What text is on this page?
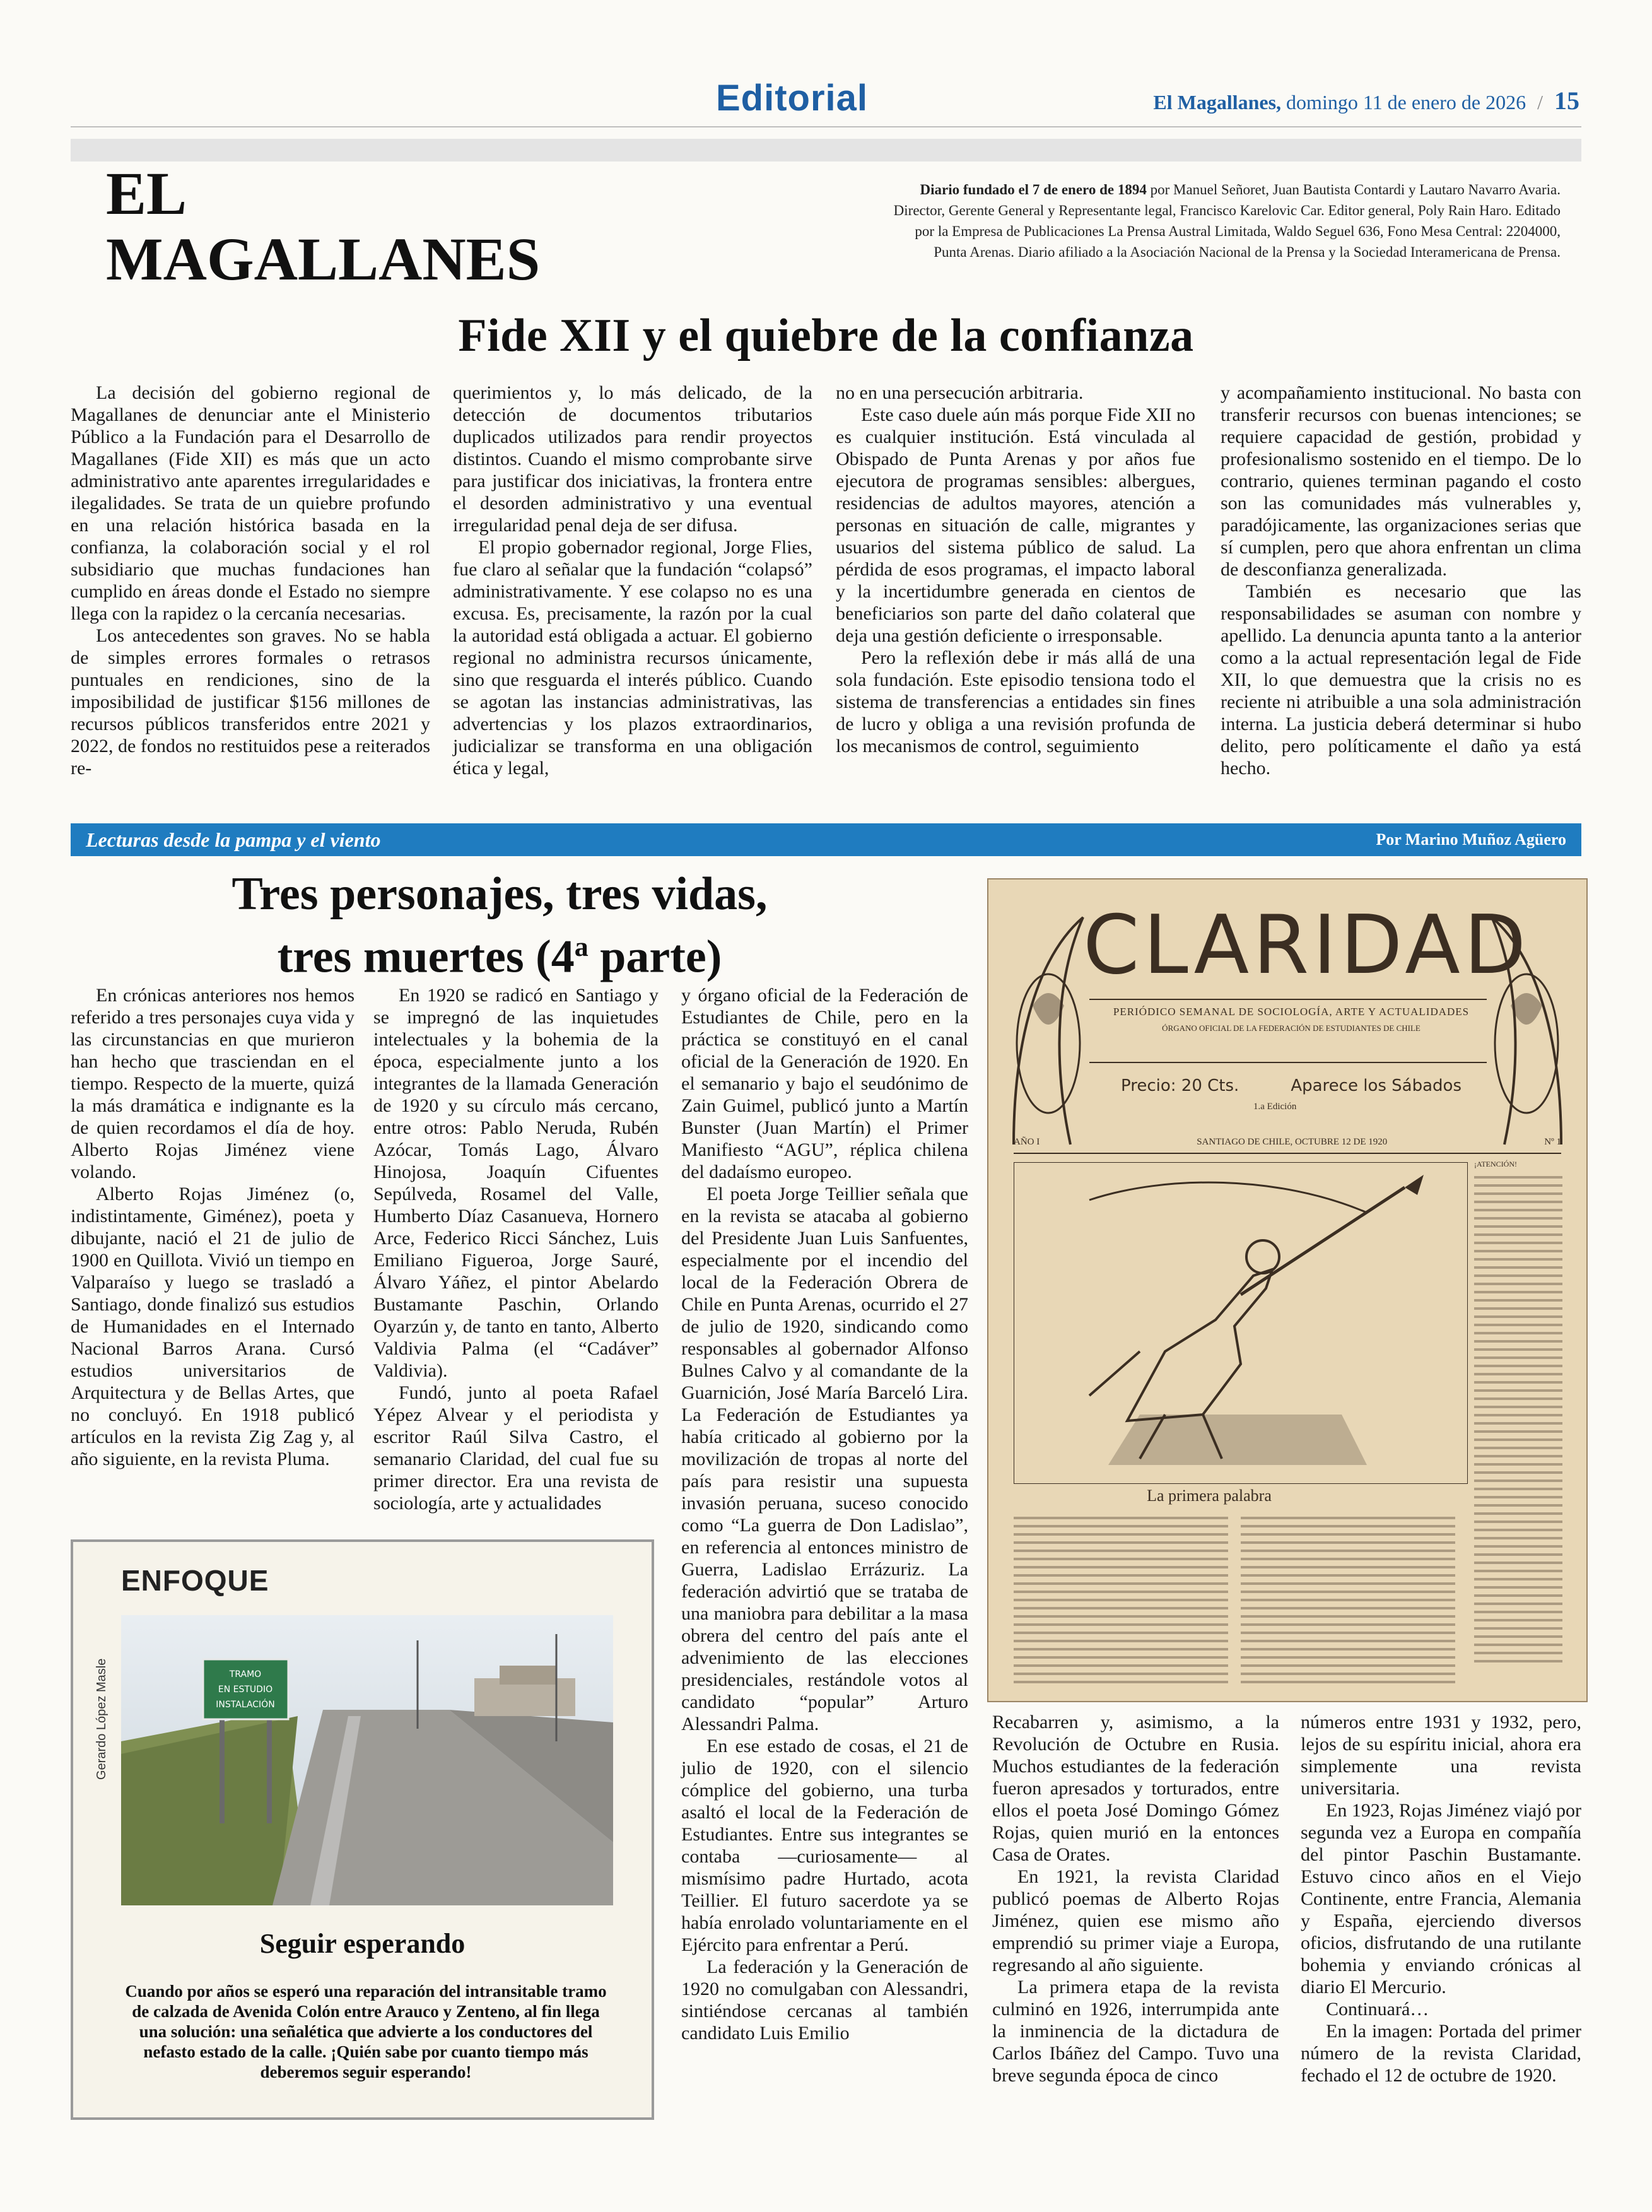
Editorial	El Magallanes, domingo 11 de enero de 2026 / 15
EL
MAGALLANES
Diario fundado el 7 de enero de 1894 por Manuel Señoret, Juan Bautista Contardi y Lautaro Navarro Avaria. Director, Gerente General y Representante legal, Francisco Karelovic Car. Editor general, Poly Rain Haro. Editado por la Empresa de Publicaciones La Prensa Austral Limitada, Waldo Seguel 636, Fono Mesa Central: 2204000, Punta Arenas. Diario afiliado a la Asociación Nacional de la Prensa y la Sociedad Interamericana de Prensa.
Fide XII y el quiebre de la confianza

La decisión del gobierno regional de Magallanes de denunciar ante el Ministerio Público a la Fundación para el Desarrollo de Magallanes (Fide XII) es más que un acto administrativo ante aparentes irregularidades e ilegalidades. Se trata de un quiebre profundo en una relación histórica basada en la confianza, la colaboración social y el rol subsidiario que muchas fundaciones han cumplido en áreas donde el Estado no siempre llega con la rapidez o la cercanía necesarias.

Los antecedentes son graves. No se habla de simples errores formales o retrasos puntuales en rendiciones, sino de la imposibilidad de justificar $156 millones de recursos públicos transferidos entre 2021 y 2022, de fondos no restituidos pese a reiterados re-

querimientos y, lo más delicado, de la detección de documentos tributarios duplicados utilizados para rendir proyectos distintos. Cuando el mismo comprobante sirve para justificar dos iniciativas, la frontera entre el desorden administrativo y una eventual irregularidad penal deja de ser difusa.

El propio gobernador regional, Jorge Flies, fue claro al señalar que la fundación “colapsó” administrativamente. Y ese colapso no es una excusa. Es, precisamente, la razón por la cual la autoridad está obligada a actuar. El gobierno regional no administra recursos únicamente, sino que resguarda el interés público. Cuando se agotan las instancias administrativas, las advertencias y los plazos extraordinarios, judicializar se transforma en una obligación ética y legal,

no en una persecución arbitraria.

Este caso duele aún más porque Fide XII no es cualquier institución. Está vinculada al Obispado de Punta Arenas y por años fue ejecutora de programas sensibles: albergues, residencias de adultos mayores, atención a personas en situación de calle, migrantes y usuarios del sistema público de salud. La pérdida de esos programas, el impacto laboral y la incertidumbre generada en cientos de beneficiarios son parte del daño colateral que deja una gestión deficiente o irresponsable.

Pero la reflexión debe ir más allá de una sola fundación. Este episodio tensiona todo el sistema de transferencias a entidades sin fines de lucro y obliga a una revisión profunda de los mecanismos de control, seguimiento

y acompañamiento institucional. No basta con transferir recursos con buenas intenciones; se requiere capacidad de gestión, probidad y profesionalismo sostenido en el tiempo. De lo contrario, quienes terminan pagando el costo son las comunidades más vulnerables y, paradójicamente, las organizaciones serias que sí cumplen, pero que ahora enfrentan un clima de desconfianza generalizada.

También es necesario que las responsabilidades se asuman con nombre y apellido. La denuncia apunta tanto a la anterior como a la actual representación legal de Fide XII, lo que demuestra que la crisis no es reciente ni atribuible a una sola administración interna. La justicia deberá determinar si hubo delito, pero políticamente el daño ya está hecho.

Lecturas desde la pampa y el viento	Por Marino Muñoz Agüero
Tres personajes, tres vidas,
tres muertes (4$^a$ parte)

En crónicas anteriores nos hemos referido a tres personajes cuya vida y las circunstancias en que murieron han hecho que trasciendan en el tiempo. Respecto de la muerte, quizá la más dramática e indignante es la de quien recordamos el día de hoy. Alberto Rojas Jiménez viene volando.

Alberto Rojas Jiménez (o, indistintamente, Giménez), poeta y dibujante, nació el 21 de julio de 1900 en Quillota. Vivió un tiempo en Valparaíso y luego se trasladó a Santiago, donde finalizó sus estudios de Humanidades en el Internado Nacional Barros Arana. Cursó estudios universitarios de Arquitectura y de Bellas Artes, que no concluyó. En 1918 publicó artículos en la revista Zig Zag y, al año siguiente, en la revista Pluma.

En 1920 se radicó en Santiago y se impregnó de las inquietudes intelectuales y la bohemia de la época, especialmente junto a los integrantes de la llamada Generación de 1920 y su círculo más cercano, entre otros: Pablo Neruda, Rubén Azócar, Tomás Lago, Álvaro Hinojosa, Joaquín Cifuentes Sepúlveda, Rosamel del Valle, Humberto Díaz Casanueva, Hornero Arce, Federico Ricci Sánchez, Luis Emiliano Figueroa, Jorge Sauré, Álvaro Yáñez, el pintor Abelardo Bustamante Paschin, Orlando Oyarzún y, de tanto en tanto, Alberto Valdivia Palma (el “Cadáver” Valdivia).

Fundó, junto al poeta Rafael Yépez Alvear y el periodista y escritor Raúl Silva Castro, el semanario Claridad, del cual fue su primer director. Era una revista de sociología, arte y actualidades

y órgano oficial de la Federación de Estudiantes de Chile, pero en la práctica se constituyó en el canal oficial de la Generación de 1920. En el semanario y bajo el seudónimo de Zain Guimel, publicó junto a Martín Bunster (Juan Martín) el Primer Manifiesto “AGU”, réplica chilena del dadaísmo europeo.

El poeta Jorge Teillier señala que en la revista se atacaba al gobierno del Presidente Juan Luis Sanfuentes, especialmente por el incendio del local de la Federación Obrera de Chile en Punta Arenas, ocurrido el 27 de julio de 1920, sindicando como responsables al gobernador Alfonso Bulnes Calvo y al comandante de la Guarnición, José María Barceló Lira. La Federación de Estudiantes ya había criticado al gobierno por la movilización de tropas al norte del país para resistir una supuesta invasión peruana, suceso conocido como “La guerra de Don Ladislao”, en referencia al entonces ministro de Guerra, Ladislao Errázuriz. La federación advirtió que se trataba de una maniobra para debilitar a la masa obrera del centro del país ante el advenimiento de las elecciones presidenciales, restándole votos al candidato “popular” Arturo Alessandri Palma.

En ese estado de cosas, el 21 de julio de 1920, con el silencio cómplice del gobierno, una turba asaltó el local de la Federación de Estudiantes. Entre sus integrantes se contaba —curiosamente— al mismísimo padre Hurtado, acota Teillier. El futuro sacerdote ya se había enrolado voluntariamente en el Ejército para enfrentar a Perú.

La federación y la Generación de 1920 no comulgaban con Alessandri, sintiéndose cercanas al también candidato Luis Emilio

Recabarren y, asimismo, a la Revolución de Octubre en Rusia. Muchos estudiantes de la federación fueron apresados y torturados, entre ellos el poeta José Domingo Gómez Rojas, quien murió en la entonces Casa de Orates.

En 1921, la revista Claridad publicó poemas de Alberto Rojas Jiménez, quien ese mismo año emprendió su primer viaje a Europa, regresando al año siguiente.

La primera etapa de la revista culminó en 1926, interrumpida ante la inminencia de la dictadura de Carlos Ibáñez del Campo. Tuvo una breve segunda época de cinco

números entre 1931 y 1932, pero, lejos de su espíritu inicial, ahora era simplemente una revista universitaria.

En 1923, Rojas Jiménez viajó por segunda vez a Europa en compañía del pintor Paschin Bustamante. Estuvo cinco años en el Viejo Continente, entre Francia, Alemania y España, ejerciendo diversos oficios, disfrutando de una rutilante bohemia y enviando crónicas al diario El Mercurio.

Continuará…

En la imagen: Portada del primer número de la revista Claridad, fechado el 12 de octubre de 1920.

CLARIDAD
PERIÓDICO SEMANAL DE SOCIOLOGÍA, ARTE Y ACTUALIDADES
ÓRGANO OFICIAL DE LA FEDERACIÓN DE ESTUDIANTES DE CHILE
Precio: 20 Cts.	Aparece los Sábados
1.a Edición
AÑO I	SANTIAGO DE CHILE, OCTUBRE 12 DE 1920	Nº 1
¡ATENCIÓN!
La primera palabra
ENFOQUE
Gerardo López Masle	TRAMO
EN ESTUDIO
INSTALACIÓN
Seguir esperando
Cuando por años se esperó una reparación del intransitable tramo de calzada de Avenida Colón entre Arauco y Zenteno, al fin llega una solución: una señalética que advierte a los conductores del nefasto estado de la calle. ¡Quién sabe por cuanto tiempo más deberemos seguir esperando!
